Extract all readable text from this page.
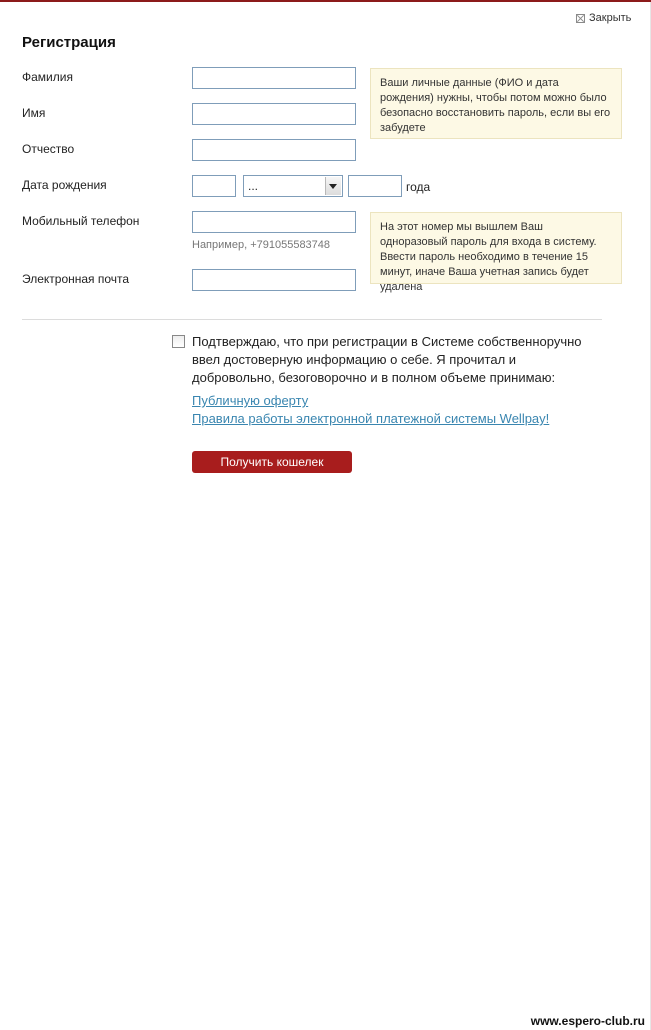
Закрыть
Регистрация
Фамилия
Имя
Отчество
Ваши личные данные (ФИО и дата рождения) нужны, чтобы потом можно было безопасно восстановить пароль, если вы его забудете
Дата рождения	...	года
Мобильный телефон
Например, +79105558374​8
На этот номер мы вышлем Ваш одноразовый пароль для входа в систему. Ввести пароль необходимо в течение 15 минут, иначе Ваша учетная запись будет удалена
Электронная почта
Подтверждаю, что при регистрации в Системе собственноручно ввел достоверную информацию о себе. Я прочитал и добровольно, безоговорочно и в полном объеме принимаю:
Публичную оферту
Правила работы электронной платежной системы Wellpay!
Получить кошелек
www.espero-club.ru
